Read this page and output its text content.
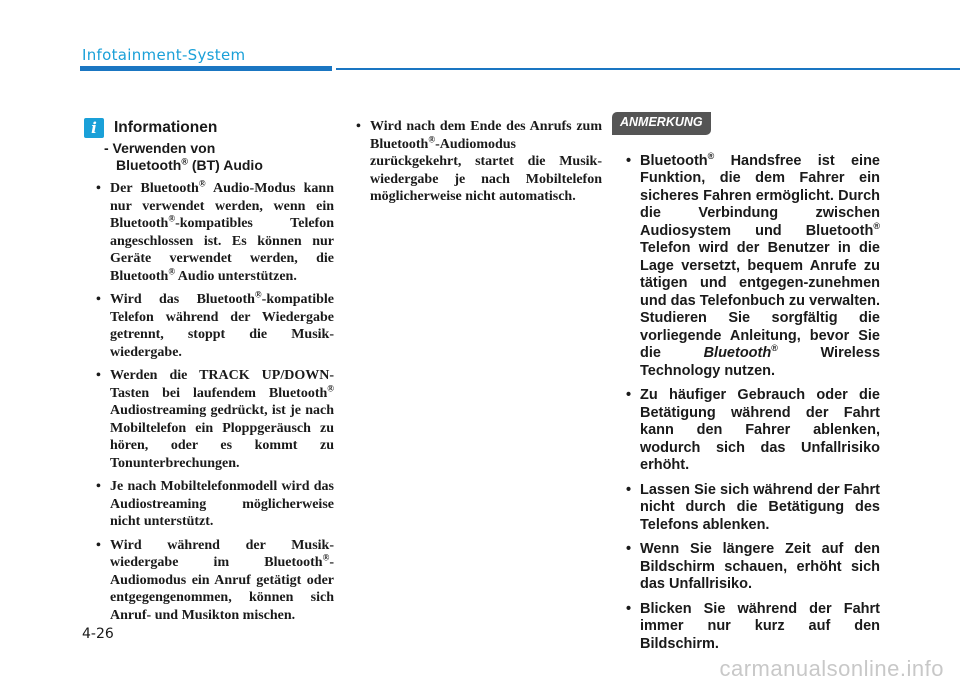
Infotainment-System
i	Informationen
- Verwenden von
Bluetooth® (BT) Audio
• Der Bluetooth® Audio-Modus kann nur verwendet werden, wenn ein Bluetooth®-kompatibles Telefon angeschlossen ist. Es können nur Geräte verwendet werden, die Bluetooth® Audio unterstützen.
• Wird das Bluetooth®-kompatible Telefon während der Wiedergabe getrennt, stoppt die Musik-wiedergabe.
• Werden die TRACK UP/DOWN-Tasten bei laufendem Bluetooth® Audiostreaming gedrückt, ist je nach Mobiltelefon ein Ploppgeräusch zu hören, oder es kommt zu Tonunterbrechungen.
• Je nach Mobiltelefonmodell wird das Audiostreaming möglicherweise nicht unterstützt.
• Wird während der Musik-wiedergabe im Bluetooth®-Audiomodus ein Anruf getätigt oder entgegengenommen, können sich Anruf- und Musikton mischen.
• Wird nach dem Ende des Anrufs zum Bluetooth®-Audiomodus zurückgekehrt, startet die Musik-wiedergabe je nach Mobiltelefon möglicherweise nicht automatisch.
ANMERKUNG
• Bluetooth® Handsfree ist eine Funktion, die dem Fahrer ein sicheres Fahren ermöglicht. Durch die Verbindung zwischen Audiosystem und Bluetooth® Telefon wird der Benutzer in die Lage versetzt, bequem Anrufe zu tätigen und entgegen-zunehmen und das Telefonbuch zu verwalten. Studieren Sie sorgfältig die vorliegende Anleitung, bevor Sie die Bluetooth® Wireless Technology nutzen.
• Zu häufiger Gebrauch oder die Betätigung während der Fahrt kann den Fahrer ablenken, wodurch sich das Unfallrisiko erhöht.
• Lassen Sie sich während der Fahrt nicht durch die Betätigung des Telefons ablenken.
• Wenn Sie längere Zeit auf den Bildschirm schauen, erhöht sich das Unfallrisiko.
• Blicken Sie während der Fahrt immer nur kurz auf den Bildschirm.
4-26
carmanualsonline.info
